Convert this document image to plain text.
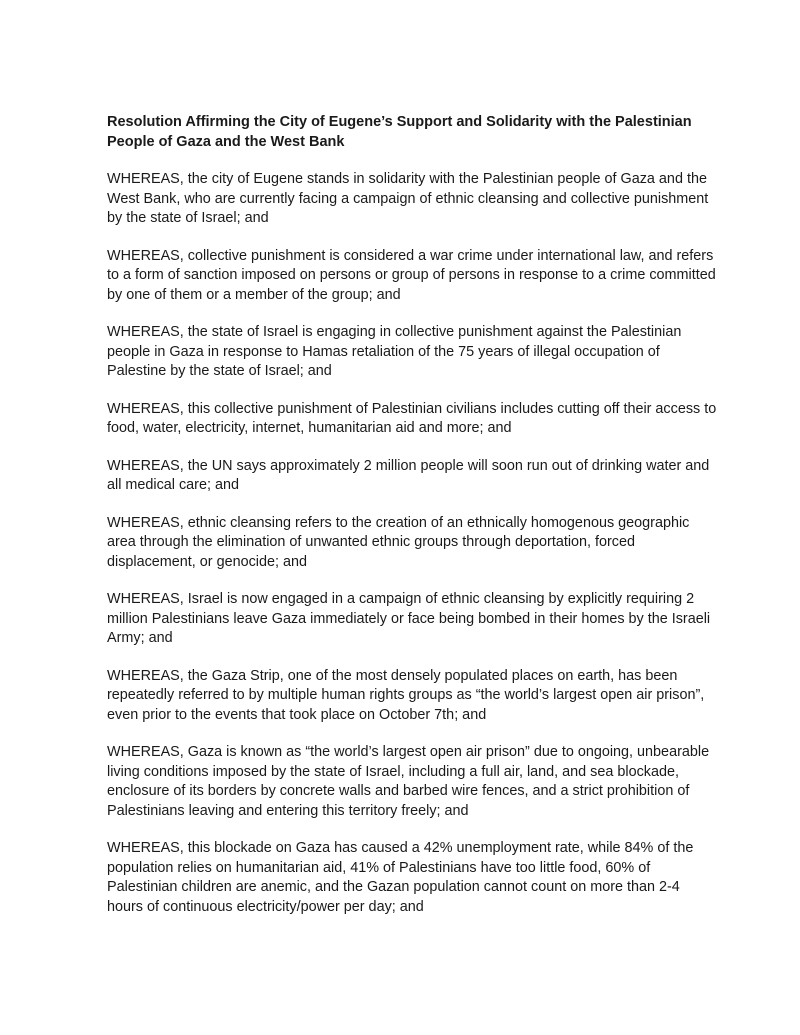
Resolution Affirming the City of Eugene’s Support and Solidarity with the Palestinian People of Gaza and the West Bank

WHEREAS, the city of Eugene stands in solidarity with the Palestinian people of Gaza and the West Bank, who are currently facing a campaign of ethnic cleansing and collective punishment by the state of Israel; and

WHEREAS, collective punishment is considered a war crime under international law, and refers to a form of sanction imposed on persons or group of persons in response to a crime committed by one of them or a member of the group; and

WHEREAS, the state of Israel is engaging in collective punishment against the Palestinian people in Gaza in response to Hamas retaliation of the 75 years of illegal occupation of Palestine by the state of Israel; and

WHEREAS, this collective punishment of Palestinian civilians includes cutting off their access to food, water, electricity, internet, humanitarian aid and more; and

WHEREAS, the UN says approximately 2 million people will soon run out of drinking water and all medical care; and

WHEREAS, ethnic cleansing refers to the creation of an ethnically homogenous geographic area through the elimination of unwanted ethnic groups through deportation, forced displacement, or genocide; and

WHEREAS, Israel is now engaged in a campaign of ethnic cleansing by explicitly requiring 2 million Palestinians leave Gaza immediately or face being bombed in their homes by the Israeli Army; and

WHEREAS, the Gaza Strip, one of the most densely populated places on earth, has been repeatedly referred to by multiple human rights groups as “the world’s largest open air prison”, even prior to the events that took place on October 7th; and

WHEREAS, Gaza is known as “the world’s largest open air prison” due to ongoing, unbearable living conditions imposed by the state of Israel, including a full air, land, and sea blockade, enclosure of its borders by concrete walls and barbed wire fences, and a strict prohibition of Palestinians leaving and entering this territory freely; and

WHEREAS, this blockade on Gaza has caused a 42% unemployment rate, while 84% of the population relies on humanitarian aid, 41% of Palestinians have too little food, 60% of Palestinian children are anemic, and the Gazan population cannot count on more than 2-4 hours of continuous electricity/power per day; and
